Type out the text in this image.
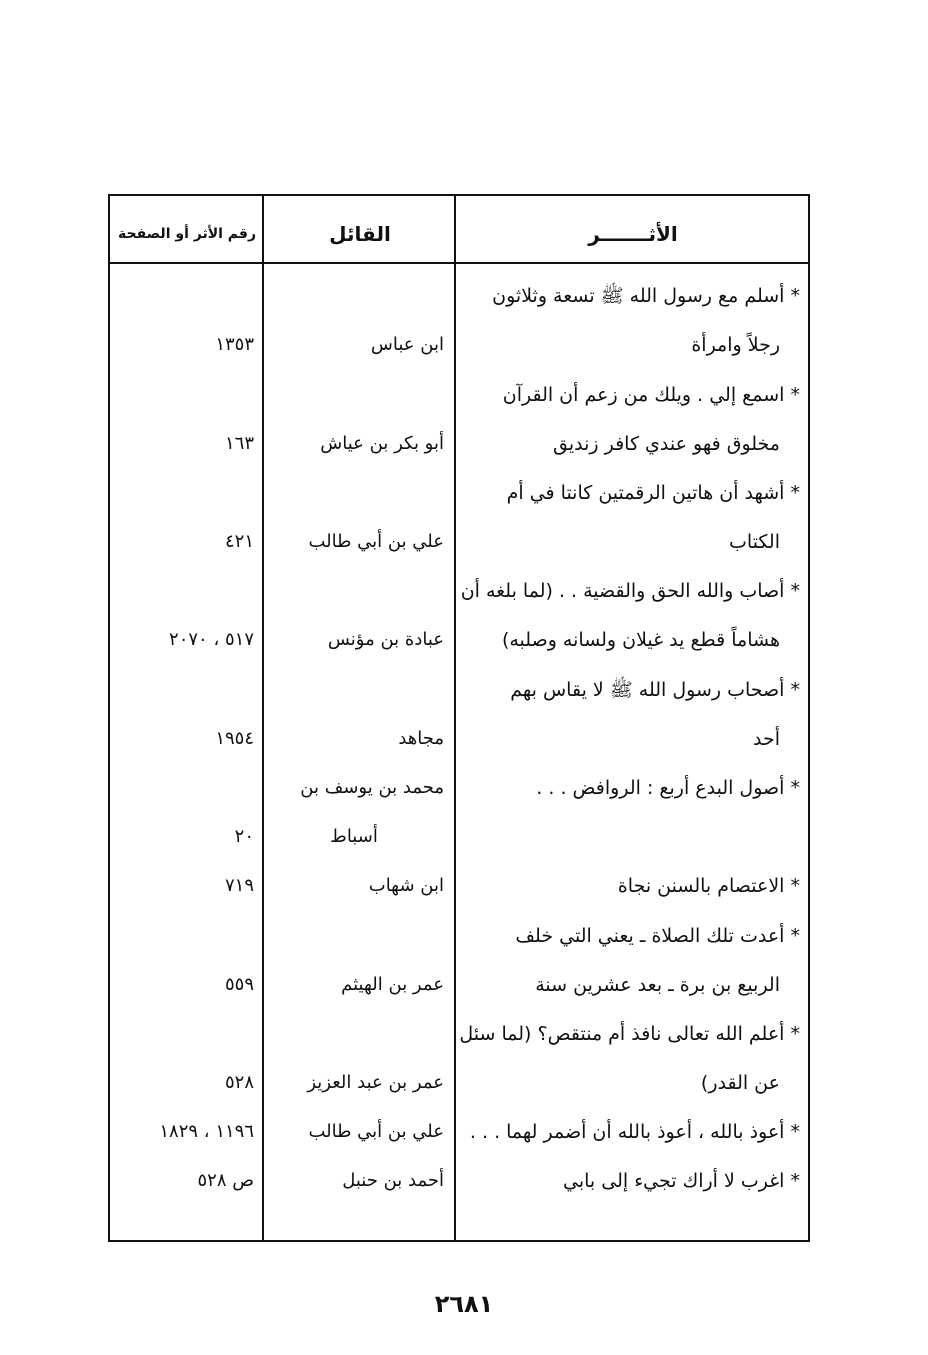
الأثـــــــر
القائل
رقم الأثر أو الصفحة
* أسلم مع رسول الله ﷺ تسعة وثلاثون
رجلاً وامرأة
ابن عباس
١٣٥٣
* اسمع إلي . ويلك من زعم أن القرآن
مخلوق فهو عندي كافر زنديق
أبو بكر بن عياش
١٦٣
* أشهد أن هاتين الرقمتين كانتا في أم
الكتاب
علي بن أبي طالب
٤٢١
* أصاب والله الحق والقضية . . (لما بلغه أن
هشاماً قطع يد غيلان ولسانه وصلبه)
عبادة بن مؤنس
٥١٧ ، ٢٠٧٠
* أصحاب رسول الله ﷺ لا يقاس بهم
أحد
مجاهد
١٩٥٤
* أصول البدع أربع : الروافض . . .
محمد بن يوسف بن
أسباط
٢٠
* الاعتصام بالسنن نجاة
ابن شهاب
٧١٩
* أعدت تلك الصلاة ـ يعني التي خلف
الربيع بن برة ـ بعد عشرين سنة
عمر بن الهيثم
٥٥٩
* أعلم الله تعالى نافذ أم منتقص؟ (لما سئل
عن القدر)
عمر بن عبد العزيز
٥٢٨
* أعوذ بالله ، أعوذ بالله أن أضمر لهما . . .
علي بن أبي طالب
١١٩٦ ، ١٨٢٩
* اغرب لا أراك تجيء إلى بابي
أحمد بن حنبل
ص ٥٢٨
٢٦٨١
